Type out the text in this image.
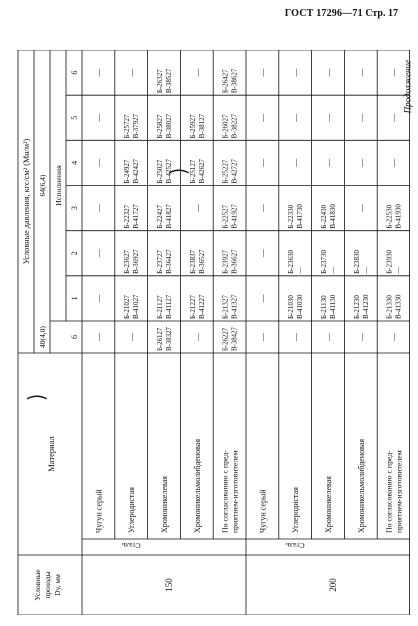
ГОСТ 17296—71 Стр. 17
Продолжение
⁀
⁀
Условные проходы Dу, мм
Материал
Условные давления, кгс/см² (Мн/м²)
40(4,0)
64(6,4) Исполнения
6
1
2
3
4
5
6
Чугун серый
—
—
—
—
—
—
—
Углеродистая
—
Б-21027 В-41027
Б-23627 В-36927
Б-22327 В-41727
Б-24927 В-42427
Б-25727 В-37927
—
Хромоникелевая
Б-26127 В-38327
Б-21127 В-41127
Б-23727 В-36427
Б-22427 В-41827
Б-25027 В-42527
Б-25827 В-38027
Б-26327 В-38527
Хромоникельмолибденовая
—
Б-21227 В-41227
Б-23837 В-36527
—
Б-25127 В-42627
Б-25927 В-38127
—
По согласованию с пред- приятием-изготовителем
Б-26227 В-38427
Б-21327 В-41327
Б-23927 В-36627
Б-22527 В-41927
Б-25227 В-42727
Б-26027 В-38227
Б-26427 В-38627
150
Сталь
Чугун серый
—
—
—
—
—
—
—
Углеродистая
—
Б-21030 В-41030
Б-23630 —
Б-22330 В-41730
—
—
—
Хромоникелевая
—
Б-21130 В-41130
Б-23730 —
Б-22430 В-41830
—
—
—
Хромоникельмолибденовая
—
Б-21230 В-41230
Б-23830 —
—
—
—
—
По согласованию с пред- приятием-изготовителем
—
Б-21330 В-41330
Б-23930 —
Б-22530 В-41930
—
—
—
200
Сталь
